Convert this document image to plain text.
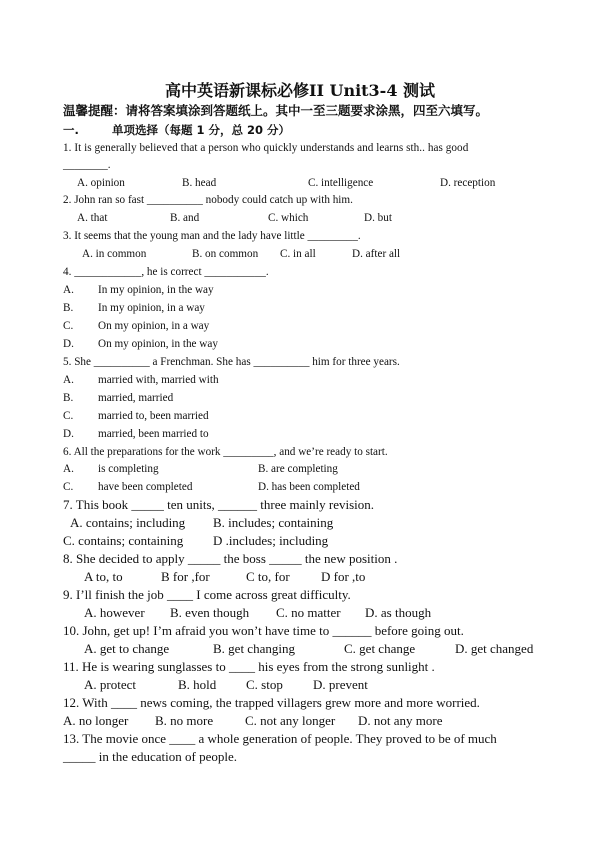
高中英语新课标必修II Unit3-4 测试
温馨提醒：请将答案填涂到答题纸上。其中一至三题要求涂黑，四至六填写。
一.	单项选择（每题 1 分，总 20 分）
1. It is generally believed that a person who quickly understands and learns sth.. has good
________.
A. opinion	B. head	C. intelligence	D. reception
2. John ran so fast __________ nobody could catch up with him.
A. that	B. and	C. which	D. but
3. It seems that the young man and the lady have little _________.
A. in common	B. on common C. in all	D. after all
4. ____________, he is correct ___________.
A. In my opinion, in the way
B. In my opinion, in a way
C. On my opinion, in a way
D. On my opinion, in the way
5. She __________ a Frenchman. She has __________ him for three years.
A. married with, married with
B. married, married
C. married to, been married
D. married, been married to
6. All the preparations for the work _________, and we’re ready to start.
A. is completing	B. are completing
C. have been completed	D. has been completed
7. This book _____ ten units, ______ three mainly revision.
A. contains; including B. includes; containing
C. contains; containing D .includes; including
8. She decided to apply _____ the boss _____ the new position .
A to, to	B for ,for	C to, for D for ,to
9. I’ll finish the job ____ I come across great difficulty.
A. however B. even though C. no matter D. as though
10. John, get up! I’m afraid you won’t have time to ______ before going out.
A. get to change	B. get changing	C. get change	D. get changed
11. He is wearing sunglasses to ____ his eyes from the strong sunlight .
A. protect	B. hold C. stop D. prevent
12. With ____ news coming, the trapped villagers grew more and more worried.
A. no longer B. no more C. not any longer D. not any more
13. The movie once ____ a whole generation of people. They proved to be of much
_____ in the education of people.
